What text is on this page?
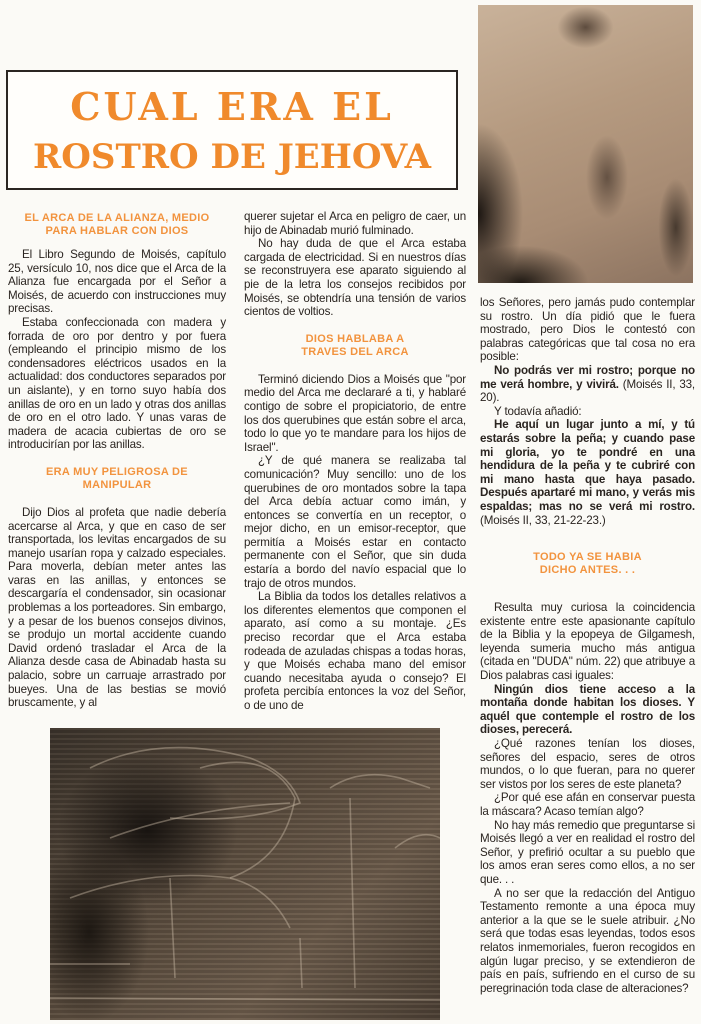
CUAL ERA EL
ROSTRO DE JEHOVA
EL ARCA DE LA ALIANZA, MEDIO PARA HABLAR CON DIOS

El Libro Segundo de Moisés, capítulo 25, versículo 10, nos dice que el Arca de la Alianza fue encargada por el Señor a Moisés, de acuerdo con instrucciones muy precisas.

Estaba confeccionada con madera y forrada de oro por dentro y por fuera (empleando el principio mismo de los condensadores eléctricos usados en la actualidad: dos conductores separados por un aislante), y en torno suyo había dos anillas de oro en un lado y otras dos anillas de oro en el otro lado. Y unas varas de madera de acacia cubiertas de oro se introducirían por las anillas.

ERA MUY PELIGROSA DE MANIPULAR

Dijo Dios al profeta que nadie debería acercarse al Arca, y que en caso de ser transportada, los levitas encargados de su manejo usarían ropa y calzado especiales. Para moverla, debían meter antes las varas en las anillas, y entonces se descargaría el condensador, sin ocasionar problemas a los porteadores. Sin embargo, y a pesar de los buenos consejos divinos, se produjo un mortal accidente cuando David ordenó trasladar el Arca de la Alianza desde casa de Abinadab hasta su palacio, sobre un carruaje arrastrado por bueyes. Una de las bestias se movió bruscamente, y al

querer sujetar el Arca en peligro de caer, un hijo de Abinadab murió fulminado.

No hay duda de que el Arca estaba cargada de electricidad. Si en nuestros días se reconstruyera ese aparato siguiendo al pie de la letra los consejos recibidos por Moisés, se obtendría una tensión de varios cientos de voltios.

DIOS HABLABA A TRAVES DEL ARCA

Terminó diciendo Dios a Moisés que "por medio del Arca me declararé a ti, y hablaré contigo de sobre el propiciatorio, de entre los dos querubines que están sobre el arca, todo lo que yo te mandare para los hijos de Israel".

¿Y de qué manera se realizaba tal comunicación? Muy sencillo: uno de los querubines de oro montados sobre la tapa del Arca debía actuar como imán, y entonces se convertía en un receptor, o mejor dicho, en un emisor-receptor, que permitía a Moisés estar en contacto permanente con el Señor, que sin duda estaría a bordo del navío espacial que lo trajo de otros mundos.

La Biblia da todos los detalles relativos a los diferentes elementos que componen el aparato, así como a su montaje. ¿Es preciso recordar que el Arca estaba rodeada de azuladas chispas a todas horas, y que Moisés echaba mano del emisor cuando necesitaba ayuda o consejo? El profeta percibía entonces la voz del Señor, o de uno de

los Señores, pero jamás pudo contemplar su rostro. Un día pidió que le fuera mostrado, pero Dios le contestó con palabras categóricas que tal cosa no era posible:

No podrás ver mi rostro; porque no me verá hombre, y vivirá. (Moisés II, 33, 20).

Y todavía añadió:

He aquí un lugar junto a mí, y tú estarás sobre la peña; y cuando pase mi gloria, yo te pondré en una hendidura de la peña y te cubriré con mi mano hasta que haya pasado. Después apartaré mi mano, y verás mis espaldas; mas no se verá mi rostro. (Moisés II, 33, 21-22-23.)

TODO YA SE HABIA DICHO ANTES. . .

Resulta muy curiosa la coincidencia existente entre este apasionante capítulo de la Biblia y la epopeya de Gilgamesh, leyenda sumeria mucho más antigua (citada en "DUDA" núm. 22) que atribuye a Dios palabras casi iguales:

Ningún dios tiene acceso a la montaña donde habitan los dioses. Y aquél que contemple el rostro de los dioses, perecerá.

¿Qué razones tenían los dioses, señores del espacio, seres de otros mundos, o lo que fueran, para no querer ser vistos por los seres de este planeta?

¿Por qué ese afán en conservar puesta la máscara? Acaso temían algo?

No hay más remedio que preguntarse si Moisés llegó a ver en realidad el rostro del Señor, y prefirió ocultar a su pueblo que los amos eran seres como ellos, a no ser que. . .

A no ser que la redacción del Antiguo Testamento remonte a una época muy anterior a la que se le suele atribuir. ¿No será que todas esas leyendas, todos esos relatos inmemoriales, fueron recogidos en algún lugar preciso, y se extendieron de país en país, sufriendo en el curso de su peregrinación toda clase de alteraciones?
